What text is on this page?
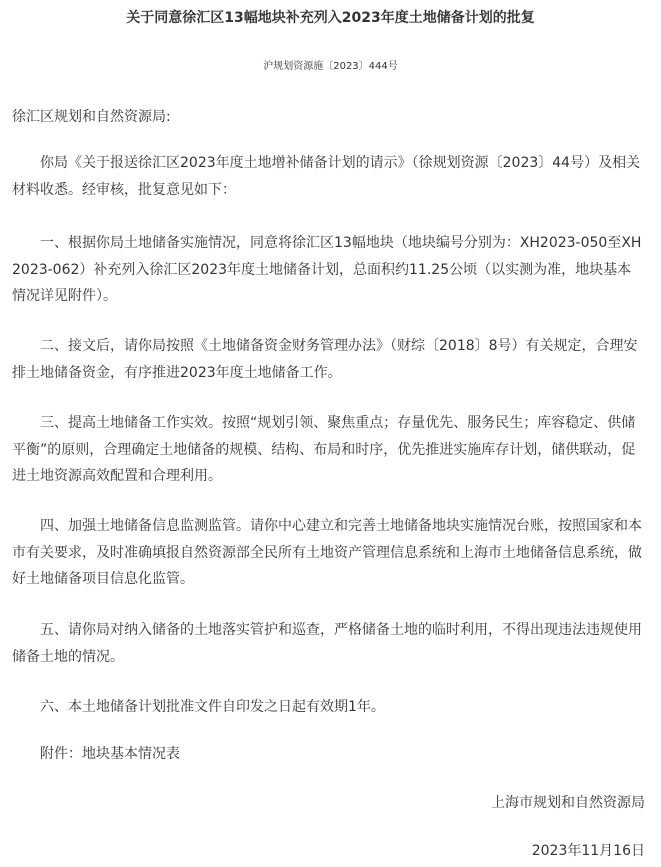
关于同意徐汇区13幅地块补充列入2023年度土地储备计划的批复
沪规划资源施〔2023〕444号
徐汇区规划和自然资源局:

你局《关于报送徐汇区2023年度土地增补储备计划的请示》（徐规划资源〔2023〕44号）及相关材料收悉。经审核，批复意见如下：

一、根据你局土地储备实施情况，同意将徐汇区13幅地块（地块编号分别为：XH2023-050至XH2023-062）补充列入徐汇区2023年度土地储备计划，总面积约11.25公顷（以实测为准，地块基本情况详见附件）。

二、接文后，请你局按照《土地储备资金财务管理办法》（财综〔2018〕8号）有关规定，合理安排土地储备资金，有序推进2023年度土地储备工作。

三、提高土地储备工作实效。按照“规划引领、聚焦重点；存量优先、服务民生；库容稳定、供储平衡”的原则，合理确定土地储备的规模、结构、布局和时序，优先推进实施库存计划，储供联动，促进土地资源高效配置和合理利用。

四、加强土地储备信息监测监管。请你中心建立和完善土地储备地块实施情况台账，按照国家和本市有关要求，及时准确填报自然资源部全民所有土地资产管理信息系统和上海市土地储备信息系统，做好土地储备项目信息化监管。

五、请你局对纳入储备的土地落实管护和巡查，严格储备土地的临时利用，不得出现违法违规使用储备土地的情况。

六、本土地储备计划批准文件自印发之日起有效期1年。

附件：地块基本情况表

上海市规划和自然资源局
2023年11月16日
